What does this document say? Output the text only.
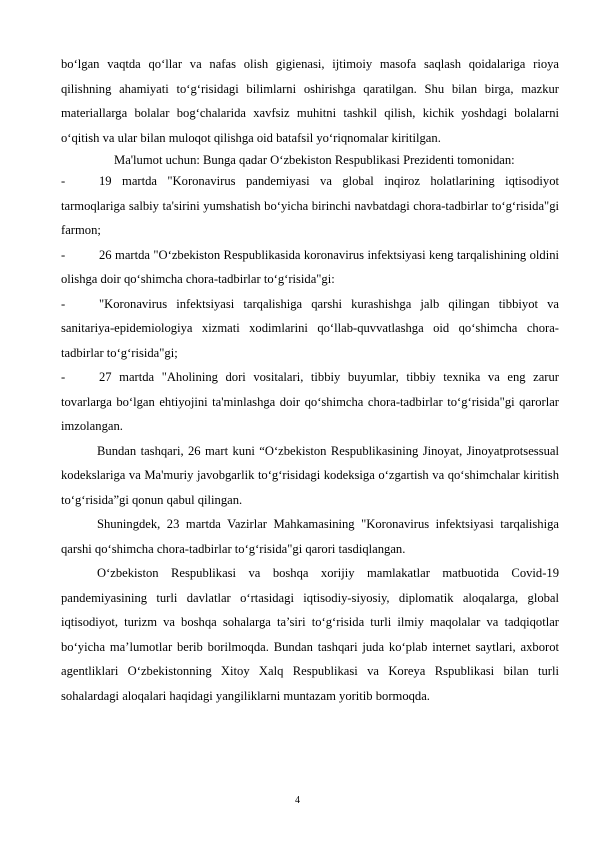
bo‘lgan vaqtda qo‘llar va nafas olish gigienasi, ijtimoiy masofa saqlash qoidalariga rioya qilishning ahamiyati to‘g‘risidagi bilimlarni oshirishga qaratilgan. Shu bilan birga, mazkur materiallarga bolalar bog‘chalarida xavfsiz muhitni tashkil qilish, kichik yoshdagi bolalarni o‘qitish va ular bilan muloqot qilishga oid batafsil yo‘riqnomalar kiritilgan.

Ma'lumot uchun: Bunga qadar O‘zbekiston Respublikasi Prezidenti tomonidan:

-	19 martda "Koronavirus pandemiyasi va global inqiroz holatlarining iqtisodiyot tarmoqlariga salbiy ta'sirini yumshatish bo‘yicha birinchi navbatdagi chora-tadbirlar to‘g‘risida"gi farmon;

-	26 martda "O‘zbekiston Respublikasida koronavirus infektsiyasi keng tarqalishining oldini olishga doir qo‘shimcha chora-tadbirlar to‘g‘risida"gi:

-	"Koronavirus infektsiyasi tarqalishiga qarshi kurashishga jalb qilingan tibbiyot va sanitariya-epidemiologiya xizmati xodimlarini qo‘llab-quvvatlashga oid qo‘shimcha chora-tadbirlar to‘g‘risida"gi;

-	27 martda "Aholining dori vositalari, tibbiy buyumlar, tibbiy texnika va eng zarur tovarlarga bo‘lgan ehtiyojini ta'minlashga doir qo‘shimcha chora-tadbirlar to‘g‘risida"gi qarorlar imzolangan.

Bundan tashqari, 26 mart kuni “O‘zbekiston Respublikasining Jinoyat, Jinoyatprotsessual kodekslariga va Ma'muriy javobgarlik to‘g‘risidagi kodeksiga o‘zgartish va qo‘shimchalar kiritish to‘g‘risida”gi qonun qabul qilingan.

Shuningdek, 23 martda Vazirlar Mahkamasining "Koronavirus infektsiyasi tarqalishiga qarshi qo‘shimcha chora-tadbirlar to‘g‘risida"gi qarori tasdiqlangan.

O‘zbekiston Respublikasi va boshqa xorijiy mamlakatlar matbuotida Covid-19 pandemiyasining turli davlatlar o‘rtasidagi iqtisodiy-siyosiy, diplomatik aloqalarga, global iqtisodiyot, turizm va boshqa sohalarga ta’siri to‘g‘risida turli ilmiy maqolalar va tadqiqotlar bo‘yicha ma’lumotlar berib borilmoqda. Bundan tashqari juda ko‘plab internet saytlari, axborot agentliklari O‘zbekistonning Xitoy Xalq Respublikasi va Koreya Rspublikasi bilan turli sohalardagi aloqalari haqidagi yangiliklarni muntazam yoritib bormoqda.

4
